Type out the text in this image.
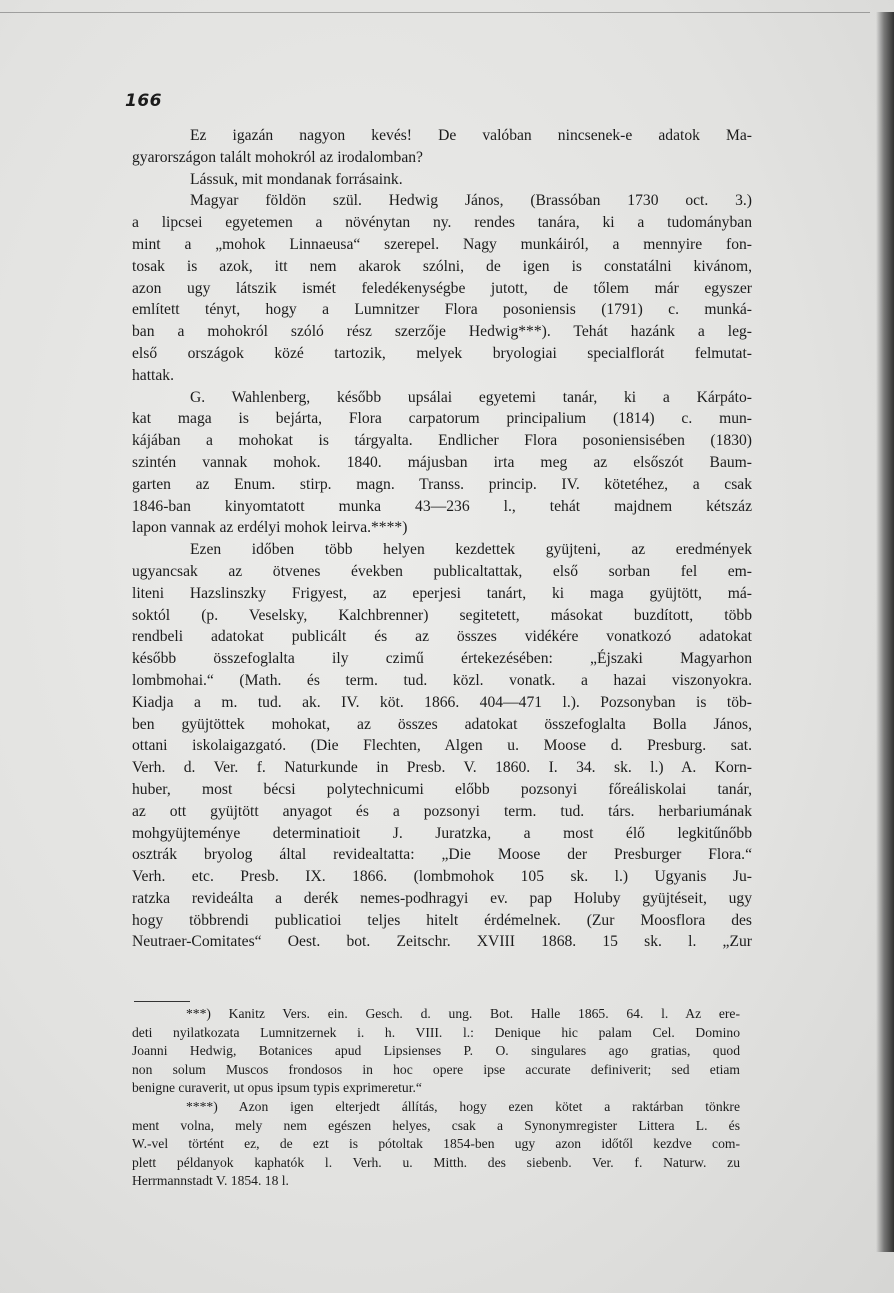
166
Ez igazán nagyon kevés! De valóban nincsenek-e adatok Ma-
gyarországon talált mohokról az irodalomban?
Lássuk, mit mondanak forrásaink.
Magyar földön szül. Hedwig János, (Brassóban 1730 oct. 3.)
a lipcsei egyetemen a növénytan ny. rendes tanára, ki a tudományban
mint a „mohok Linnaeusa“ szerepel. Nagy munkáiról, a mennyire fon-
tosak is azok, itt nem akarok szólni, de igen is constatálni kivánom,
azon ugy látszik ismét feledékenységbe jutott, de tőlem már egyszer
említett tényt, hogy a Lumnitzer Flora posoniensis (1791) c. munká-
ban a mohokról szóló rész szerzője Hedwig***). Tehát hazánk a leg-
első országok közé tartozik, melyek bryologiai specialflorát felmutat-
hattak.
G. Wahlenberg, később upsálai egyetemi tanár, ki a Kárpáto-
kat maga is bejárta, Flora carpatorum principalium (1814) c. mun-
kájában a mohokat is tárgyalta. Endlicher Flora posoniensisében (1830)
szintén vannak mohok. 1840. májusban irta meg az elsőszót Baum-
garten az Enum. stirp. magn. Transs. princip. IV. kötetéhez, a csak
1846-ban kinyomtatott munka 43—236 l., tehát majdnem kétszáz
lapon vannak az erdélyi mohok leirva.****)
Ezen időben több helyen kezdettek gyüjteni, az eredmények
ugyancsak az ötvenes években publicaltattak, első sorban fel em-
liteni Hazslinszky Frigyest, az eperjesi tanárt, ki maga gyüjtött, má-
soktól (p. Veselsky, Kalchbrenner) segitetett, másokat buzdított, több
rendbeli adatokat publicált és az összes vidékére vonatkozó adatokat
később összefoglalta ily czimű értekezésében: „Éjszaki Magyarhon
lombmohai.“ (Math. és term. tud. közl. vonatk. a hazai viszonyokra.
Kiadja a m. tud. ak. IV. köt. 1866. 404—471 l.). Pozsonyban is töb-
ben gyüjtöttek mohokat, az összes adatokat összefoglalta Bolla János,
ottani iskolaigazgató. (Die Flechten, Algen u. Moose d. Presburg. sat.
Verh. d. Ver. f. Naturkunde in Presb. V. 1860. I. 34. sk. l.) A. Korn-
huber, most bécsi polytechnicumi előbb pozsonyi főreáliskolai tanár,
az ott gyüjtött anyagot és a pozsonyi term. tud. társ. herbariumának
mohgyüjteménye determinatioit J. Juratzka, a most élő legkitűnőbb
osztrák bryolog által revidealtatta: „Die Moose der Presburger Flora.“
Verh. etc. Presb. IX. 1866. (lombmohok 105 sk. l.) Ugyanis Ju-
ratzka revideálta a derék nemes-podhragyi ev. pap Holuby gyüjtéseit, ugy
hogy többrendi publicatioi teljes hitelt érdémelnek. (Zur Moosflora des
Neutraer-Comitates“ Oest. bot. Zeitschr. XVIII 1868. 15 sk. l. „Zur
***) Kanitz Vers. ein. Gesch. d. ung. Bot. Halle 1865. 64. l. Az ere-
deti nyilatkozata Lumnitzernek i. h. VIII. l.: Denique hic palam Cel. Domino
Joanni Hedwig, Botanices apud Lipsienses P. O. singulares ago gratias, quod
non solum Muscos frondosos in hoc opere ipse accurate definiverit; sed etiam
benigne curaverit, ut opus ipsum typis exprimeretur.“
****) Azon igen elterjedt állítás, hogy ezen kötet a raktárban tönkre
ment volna, mely nem egészen helyes, csak a Synonymregister Littera L. és
W.-vel történt ez, de ezt is pótoltak 1854-ben ugy azon időtől kezdve com-
plett példanyok kaphatók l. Verh. u. Mitth. des siebenb. Ver. f. Naturw. zu
Herrmannstadt V. 1854. 18 l.
